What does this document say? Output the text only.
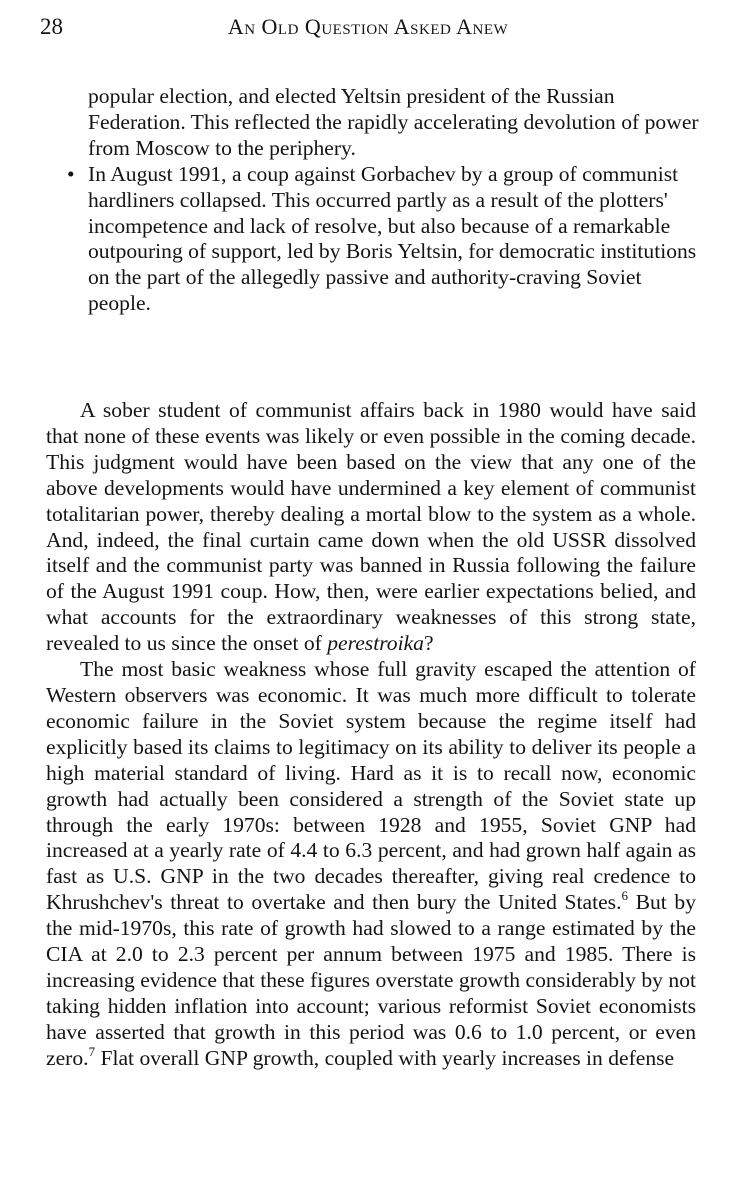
28	An Old Question Asked Anew
popular election, and elected Yeltsin president of the Russian Federation. This reflected the rapidly accelerating devolution of power from Moscow to the periphery.
• In August 1991, a coup against Gorbachev by a group of communist hardliners collapsed. This occurred partly as a result of the plotters' incompetence and lack of resolve, but also because of a remarkable outpouring of support, led by Boris Yeltsin, for democratic institutions on the part of the allegedly passive and authority-craving Soviet people.

A sober student of communist affairs back in 1980 would have said that none of these events was likely or even possible in the coming decade. This judgment would have been based on the view that any one of the above developments would have undermined a key element of communist totalitarian power, thereby dealing a mortal blow to the system as a whole. And, indeed, the final curtain came down when the old USSR dissolved itself and the communist party was banned in Russia following the failure of the August 1991 coup. How, then, were earlier expectations belied, and what accounts for the extraordinary weaknesses of this strong state, revealed to us since the onset of perestroika?

The most basic weakness whose full gravity escaped the attention of Western observers was economic. It was much more difficult to tolerate economic failure in the Soviet system because the regime itself had explicitly based its claims to legitimacy on its ability to deliver its people a high material standard of living. Hard as it is to recall now, economic growth had actually been considered a strength of the Soviet state up through the early 1970s: between 1928 and 1955, Soviet GNP had increased at a yearly rate of 4.4 to 6.3 percent, and had grown half again as fast as U.S. GNP in the two decades thereafter, giving real credence to Khrushchev's threat to overtake and then bury the United States.$^6$ But by the mid-1970s, this rate of growth had slowed to a range estimated by the CIA at 2.0 to 2.3 percent per annum between 1975 and 1985. There is increasing evidence that these figures overstate growth considerably by not taking hidden inflation into account; various reformist Soviet economists have asserted that growth in this period was 0.6 to 1.0 percent, or even zero.$^7$ Flat overall GNP growth, coupled with yearly increases in defense
